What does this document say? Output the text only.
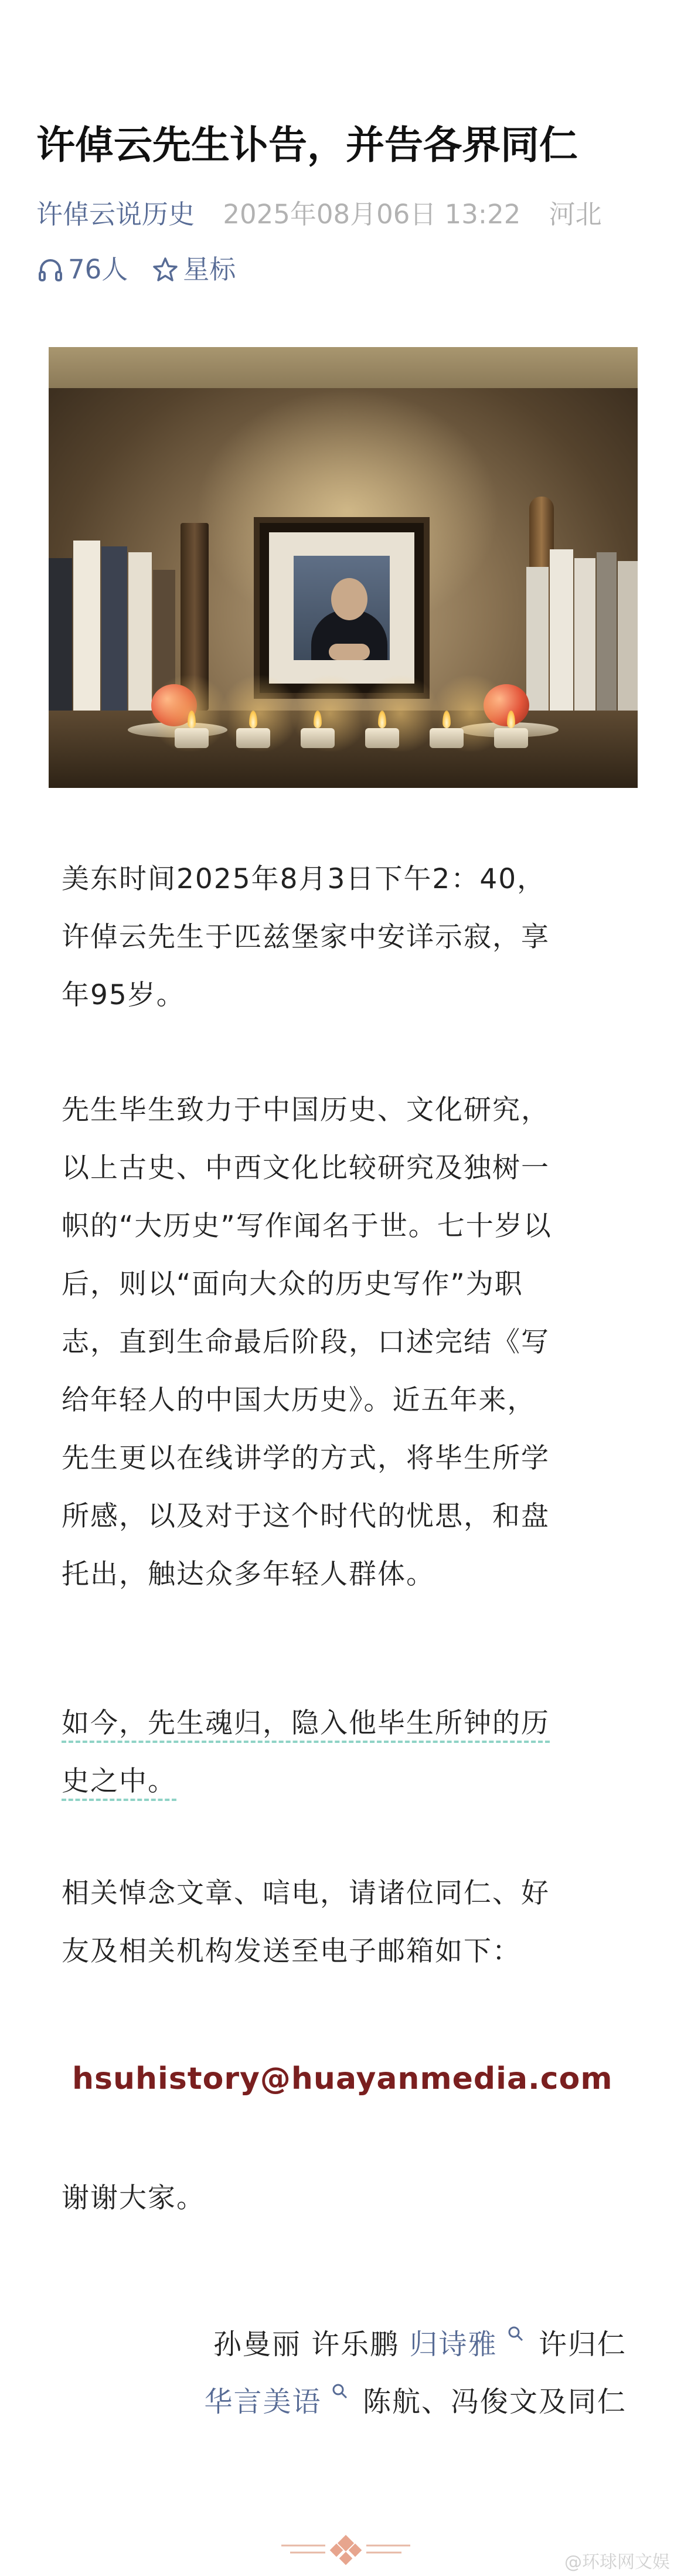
许倬云先生讣告，并告各界同仁
许倬云说历史 2025年08月06日 13:22 河北
76人 星标

美东时间2025年8月3日下午2：40，
许倬云先生于匹兹堡家中安详示寂，享
年95岁。

先生毕生致力于中国历史、文化研究，
以上古史、中西文化比较研究及独树一
帜的“大历史”写作闻名于世。七十岁以
后，则以“面向大众的历史写作”为职
志，直到生命最后阶段，口述完结《写
给年轻人的中国大历史》。近五年来，
先生更以在线讲学的方式，将毕生所学
所感，以及对于这个时代的忧思，和盘
托出，触达众多年轻人群体。

如今，先生魂归，隐入他毕生所钟的历
史之中。

相关悼念文章、唁电，请诸位同仁、好
友及相关机构发送至电子邮箱如下：

hsuhistory@huayanmedia.com
谢谢大家。
孙曼丽 许乐鹏 归诗雅  许归仁
华言美语  陈航、冯俊文及同仁
@环球网文娱
